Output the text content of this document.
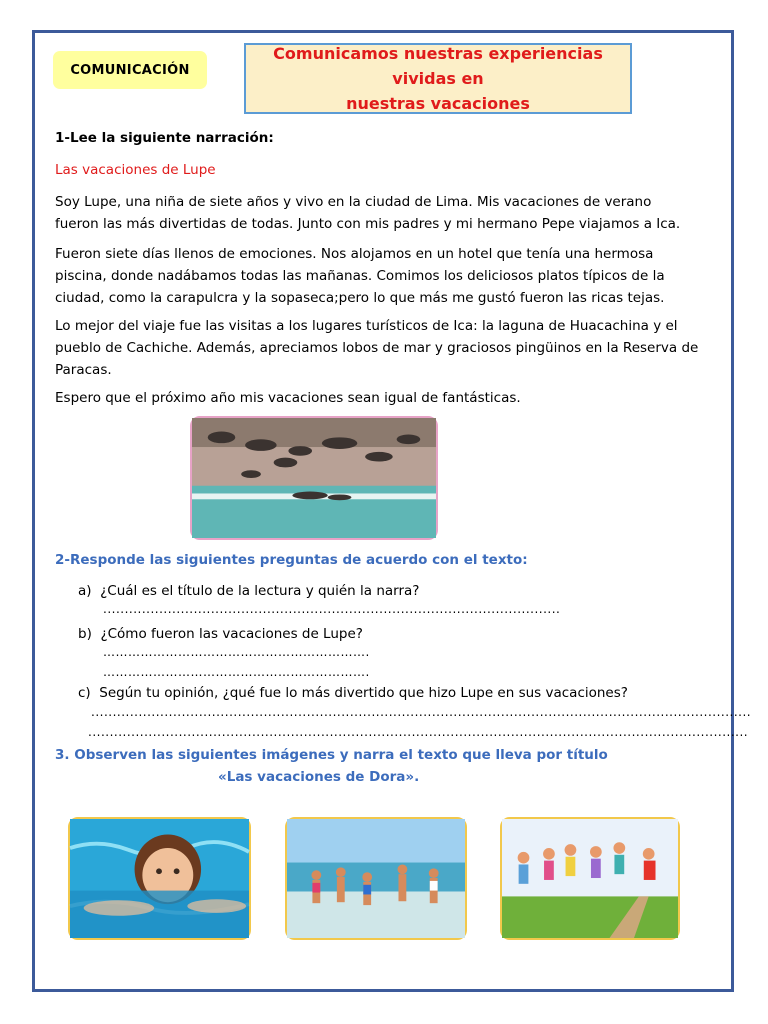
COMUNICACIÓN
Comunicamos nuestras experiencias vividas en
nuestras vacaciones
1-Lee la siguiente narración:
Las vacaciones de Lupe
Soy Lupe, una niña de siete años y vivo en la ciudad de Lima. Mis vacaciones de verano
fueron las más divertidas de todas. Junto con mis padres y mi hermano Pepe viajamos a Ica.
Fueron siete días llenos de emociones. Nos alojamos en un hotel que tenía una hermosa
piscina, donde nadábamos todas las mañanas. Comimos los deliciosos platos típicos de la
ciudad, como la carapulcra y la sopaseca;pero lo que más me gustó fueron las ricas tejas.
Lo mejor del viaje fue las visitas a los lugares turísticos de Ica: la laguna de Huacachina y el
pueblo de Cachiche. Además, apreciamos lobos de mar y graciosos pingüinos en la Reserva de
Paracas.
Espero que el próximo año mis vacaciones sean igual de fantásticas.
2-Responde las siguientes preguntas de acuerdo con el texto:
a) ¿Cuál es el título de la lectura y quién la narra?
..........................................................................................................
b) ¿Cómo fueron las vacaciones de Lupe?
……………………………………………………….
……………………………………………………….
c) Según tu opinión, ¿qué fue lo más divertido que hizo Lupe en sus vacaciones?
.........................................................................................................................................................
.........................................................................................................................................................
3. Observen las siguientes imágenes y narra el texto que lleva por título
«Las vacaciones de Dora».
